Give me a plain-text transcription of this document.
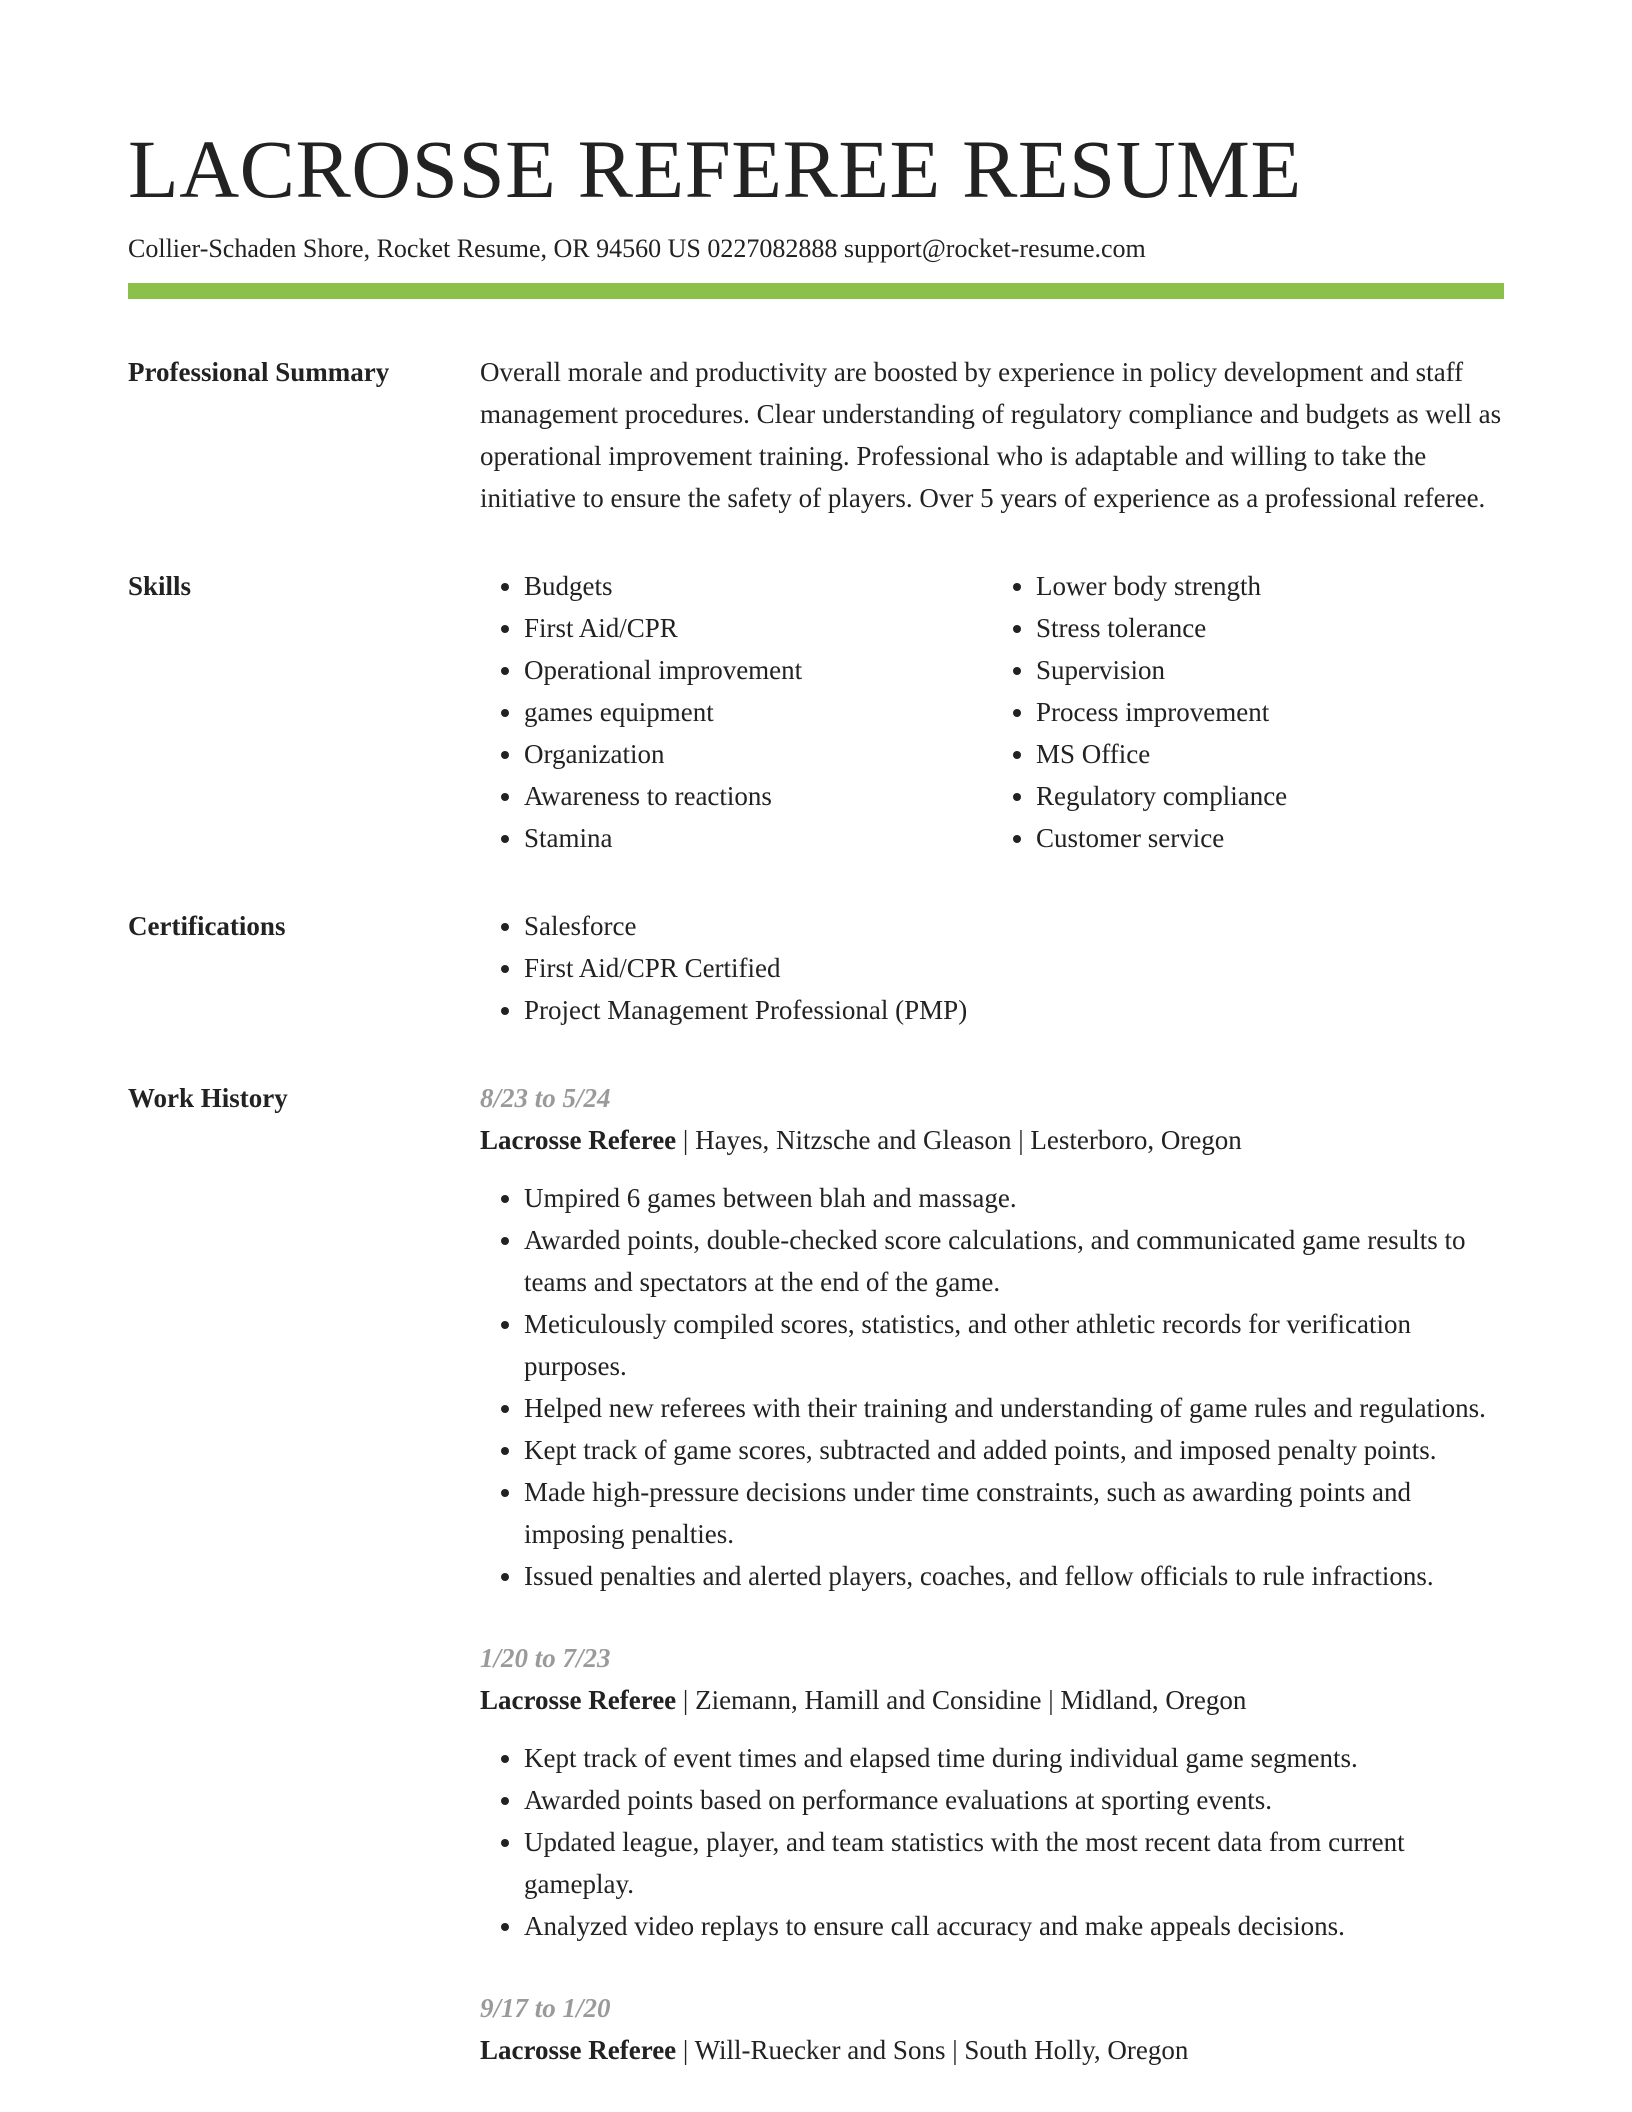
LACROSSE REFEREE RESUME
Collier-Schaden Shore, Rocket Resume, OR 94560 US 0227082888 support@rocket-resume.com
Professional Summary	Overall morale and productivity are boosted by experience in policy development and staff management procedures. Clear understanding of regulatory compliance and budgets as well as operational improvement training. Professional who is adaptable and willing to take the initiative to ensure the safety of players. Over 5 years of experience as a professional referee.

Skills	• Budgets
• First Aid/CPR
• Operational improvement
• games equipment
• Organization
• Awareness to reactions
• Stamina
• Lower body strength
• Stress tolerance
• Supervision
• Process improvement
• MS Office
• Regulatory compliance
• Customer service
Certifications	• Salesforce
• First Aid/CPR Certified
• Project Management Professional (PMP)
Work History	8/23 to 5/24
Lacrosse Referee | Hayes, Nitzsche and Gleason | Lesterboro, Oregon
• Umpired 6 games between blah and massage.
• Awarded points, double-checked score calculations, and communicated game results to teams and spectators at the end of the game.
• Meticulously compiled scores, statistics, and other athletic records for verification purposes.
• Helped new referees with their training and understanding of game rules and regulations.
• Kept track of game scores, subtracted and added points, and imposed penalty points.
• Made high-pressure decisions under time constraints, such as awarding points and imposing penalties.
• Issued penalties and alerted players, coaches, and fellow officials to rule infractions.
1/20 to 7/23
Lacrosse Referee | Ziemann, Hamill and Considine | Midland, Oregon
• Kept track of event times and elapsed time during individual game segments.
• Awarded points based on performance evaluations at sporting events.
• Updated league, player, and team statistics with the most recent data from current gameplay.
• Analyzed video replays to ensure call accuracy and make appeals decisions.
9/17 to 1/20
Lacrosse Referee | Will-Ruecker and Sons | South Holly, Oregon
